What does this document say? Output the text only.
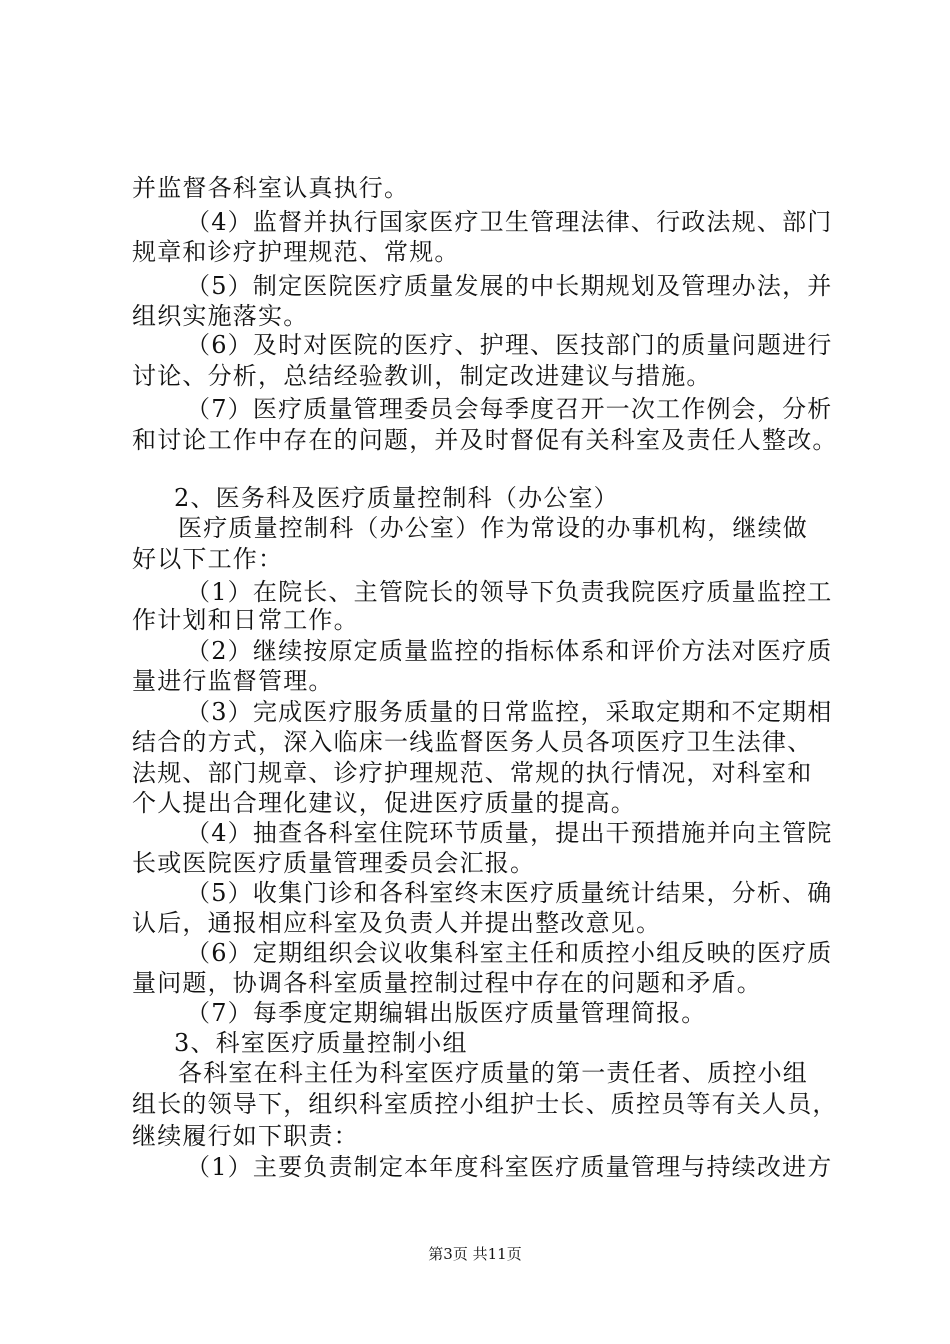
并监督各科室认真执行。
（4）监督并执行国家医疗卫生管理法律、行政法规、部门
规章和诊疗护理规范、常规。
（5）制定医院医疗质量发展的中长期规划及管理办法，并
组织实施落实。
（6）及时对医院的医疗、护理、医技部门的质量问题进行
讨论、分析，总结经验教训，制定改进建议与措施。
（7）医疗质量管理委员会每季度召开一次工作例会，分析
和讨论工作中存在的问题，并及时督促有关科室及责任人整改。
2、医务科及医疗质量控制科（办公室）
医疗质量控制科（办公室）作为常设的办事机构，继续做
好以下工作：
（1）在院长、主管院长的领导下负责我院医疗质量监控工
作计划和日常工作。
（2）继续按原定质量监控的指标体系和评价方法对医疗质
量进行监督管理。
（3）完成医疗服务质量的日常监控，采取定期和不定期相
结合的方式，深入临床一线监督医务人员各项医疗卫生法律、
法规、部门规章、诊疗护理规范、常规的执行情况，对科室和
个人提出合理化建议，促进医疗质量的提高。
（4）抽查各科室住院环节质量，提出干预措施并向主管院
长或医院医疗质量管理委员会汇报。
（5）收集门诊和各科室终末医疗质量统计结果，分析、确
认后，通报相应科室及负责人并提出整改意见。
（6）定期组织会议收集科室主任和质控小组反映的医疗质
量问题，协调各科室质量控制过程中存在的问题和矛盾。
（7）每季度定期编辑出版医疗质量管理简报。
3、科室医疗质量控制小组
各科室在科主任为科室医疗质量的第一责任者、质控小组
组长的领导下，组织科室质控小组护士长、质控员等有关人员，
继续履行如下职责：
（1）主要负责制定本年度科室医疗质量管理与持续改进方
第3页 共11页
